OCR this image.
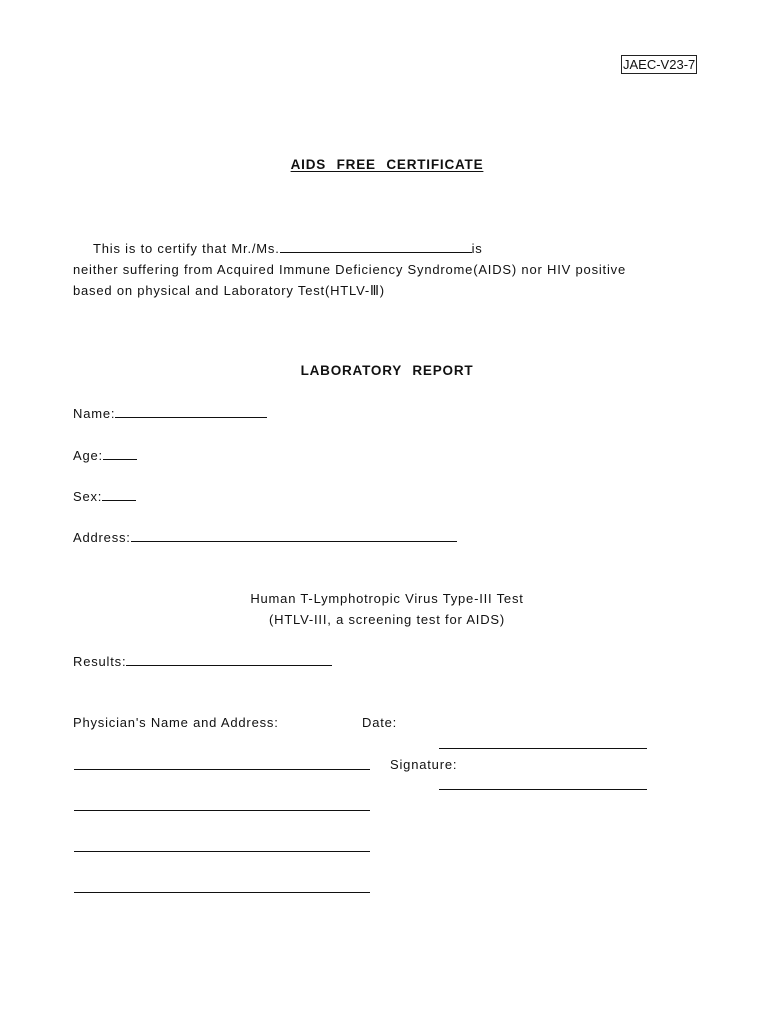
JAEC-V23-7
AIDS FREE CERTIFICATE
This is to certify that Mr./Ms.	is
neither suffering from Acquired Immune Deficiency Syndrome(AIDS) nor HIV positive
based on physical and Laboratory Test(HTLV-Ⅲ)
LABORATORY REPORT
Name:
Age:
Sex:
Address:
Human T-Lymphotropic Virus Type-III Test
(HTLV-III, a screening test for AIDS)
Results:
Physician's Name and Address:	Date:
Signature:
